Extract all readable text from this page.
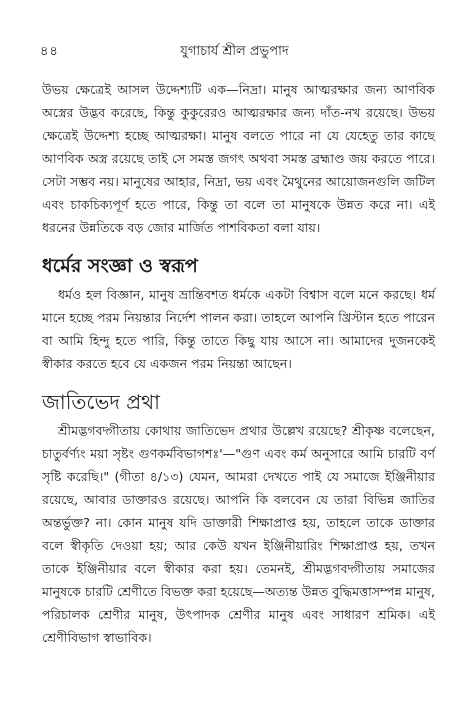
৪৪	যুগাচার্য শ্রীল প্রভুপাদ

উভয় ক্ষেত্রেই আসল উদ্দেশ্যটি এক—নিদ্রা। মানুষ আত্মরক্ষার জন্য আণবিক অস্ত্রের উদ্ভব করেছে, কিন্তু কুকুরেরও আত্মরক্ষার জন্য দাঁত-নখ রয়েছে। উভয় ক্ষেত্রেই উদ্দেশ্য হচ্ছে আত্মরক্ষা। মানুষ বলতে পারে না যে যেহেতু তার কাছে আণবিক অস্ত্র রয়েছে তাই সে সমস্ত জগৎ অথবা সমস্ত ব্রহ্মাণ্ড জয় করতে পারে। সেটা সম্ভব নয়। মানুষের আহার, নিদ্রা, ভয় এবং মৈথুনের আয়োজনগুলি জটিল এবং চাকচিক্যপূর্ণ হতে পারে, কিন্তু তা বলে তা মানুষকে উন্নত করে না। এই ধরনের উন্নতিকে বড় জোর মার্জিত পাশবিকতা বলা যায়।

ধর্মের সংজ্ঞা ও স্বরূপ

ধর্মও হল বিজ্ঞান, মানুষ ভ্রান্তিবশত ধর্মকে একটা বিশ্বাস বলে মনে করছে। ধর্ম মানে হচ্ছে পরম নিয়ন্তার নির্দেশ পালন করা। তাহলে আপনি খ্রিস্টান হতে পারেন বা আমি হিন্দু হতে পারি, কিন্তু তাতে কিছু যায় আসে না। আমাদের দুজনকেই স্বীকার করতে হবে যে একজন পরম নিয়ন্তা আছেন।

জাতিভেদ প্রথা

শ্রীমদ্ভগবদ্গীতায় কোথায় জাতিভেদ প্রথার উল্লেখ রয়েছে? শ্রীকৃষ্ণ বলেছেন, চাতুর্বর্ণ্যং ময়া সৃষ্টং গুণকর্মবিভাগশঃ'—"গুণ এবং কর্ম অনুসারে আমি চারটি বর্ণ সৃষ্টি করেছি।" (গীতা ৪/১৩) যেমন, আমরা দেখতে পাই যে সমাজে ইঞ্জিনীয়ার রয়েছে, আবার ডাক্তারও রয়েছে। আপনি কি বলবেন যে তারা বিভিন্ন জাতির অন্তর্ভুক্ত? না। কোন মানুষ যদি ডাক্তারী শিক্ষাপ্রাপ্ত হয়, তাহলে তাকে ডাক্তার বলে স্বীকৃতি দেওয়া হয়; আর কেউ যখন ইঞ্জিনীয়ারিং শিক্ষাপ্রাপ্ত হয়, তখন তাকে ইঞ্জিনীয়ার বলে স্বীকার করা হয়। তেমনই, শ্রীমদ্ভগবদ্গীতায় সমাজের মানুষকে চারটি শ্রেণীতে বিভক্ত করা হয়েছে—অত্যন্ত উন্নত বুদ্ধিমত্তাসম্পন্ন মানুষ, পরিচালক শ্রেণীর মানুষ, উৎপাদক শ্রেণীর মানুষ এবং সাধারণ শ্রমিক। এই শ্রেণীবিভাগ স্বাভাবিক।
